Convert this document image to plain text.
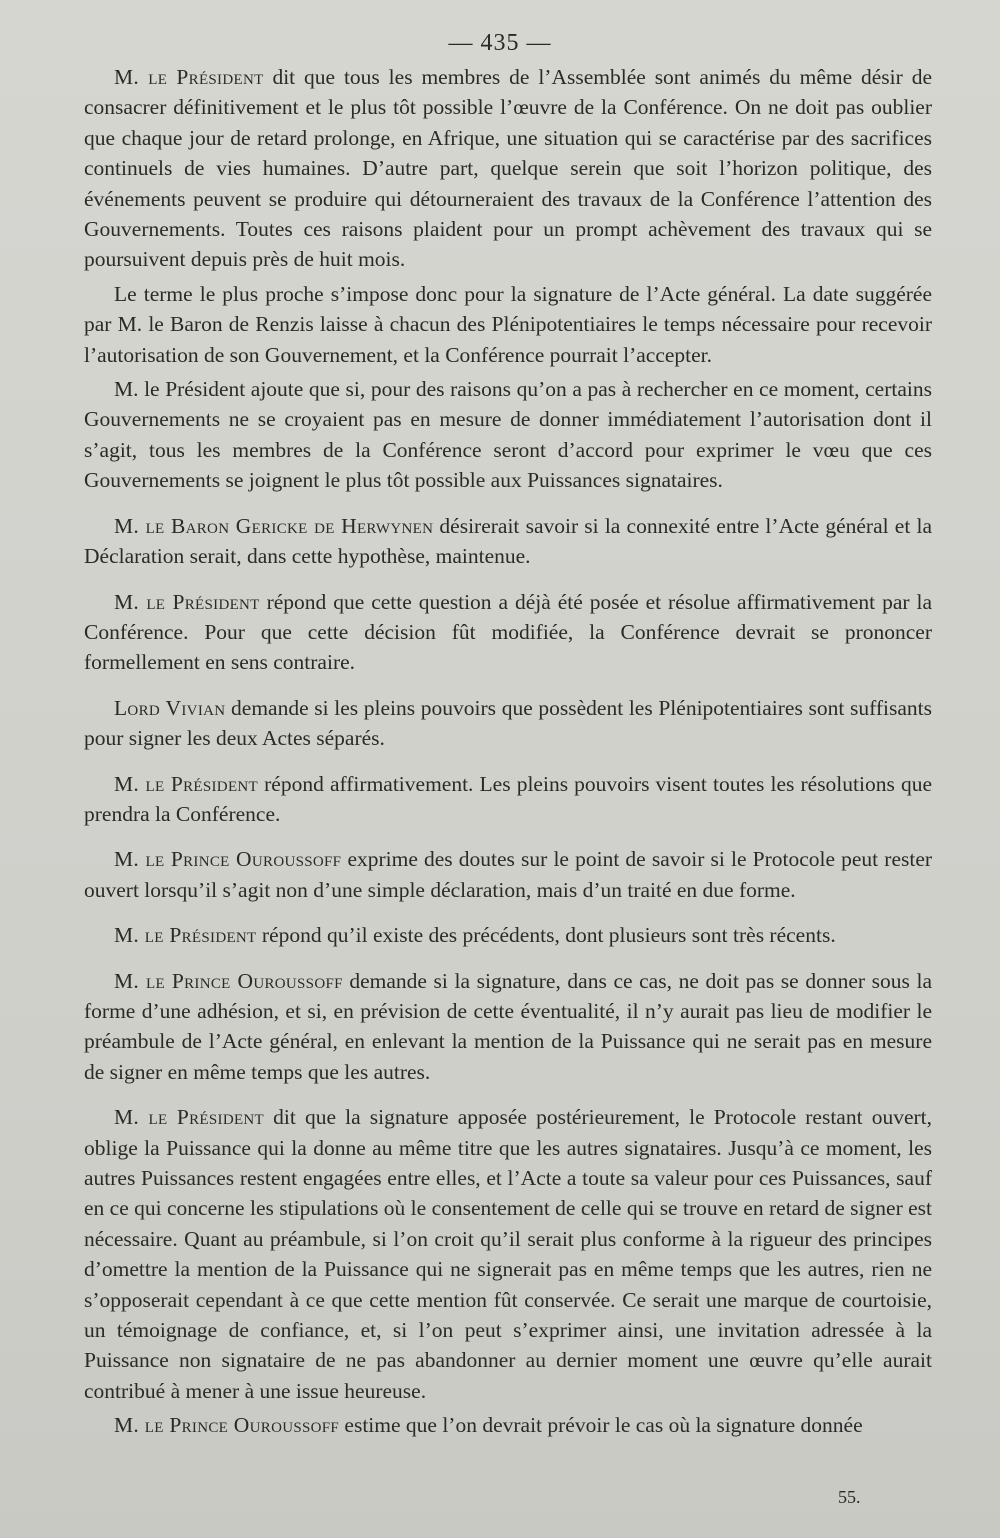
— 435 —

M. le Président dit que tous les membres de l’Assemblée sont animés du même désir de consacrer définitivement et le plus tôt possible l’œuvre de la Conférence. On ne doit pas oublier que chaque jour de retard prolonge, en Afrique, une situation qui se caractérise par des sacrifices continuels de vies humaines. D’autre part, quelque serein que soit l’horizon politique, des événements peuvent se produire qui détourneraient des travaux de la Conférence l’attention des Gouvernements. Toutes ces raisons plaident pour un prompt achèvement des travaux qui se poursuivent depuis près de huit mois.

Le terme le plus proche s’impose donc pour la signature de l’Acte général. La date suggérée par M. le Baron de Renzis laisse à chacun des Plénipotentiaires le temps nécessaire pour recevoir l’autorisation de son Gouvernement, et la Conférence pourrait l’accepter.

M. le Président ajoute que si, pour des raisons qu’on a pas à rechercher en ce moment, certains Gouvernements ne se croyaient pas en mesure de donner immédiatement l’autorisation dont il s’agit, tous les membres de la Conférence seront d’accord pour exprimer le vœu que ces Gouvernements se joignent le plus tôt possible aux Puissances signataires.

M. le Baron Gericke de Herwynen désirerait savoir si la connexité entre l’Acte général et la Déclaration serait, dans cette hypothèse, maintenue.

M. le Président répond que cette question a déjà été posée et résolue affirmativement par la Conférence. Pour que cette décision fût modifiée, la Conférence devrait se prononcer formellement en sens contraire.

Lord Vivian demande si les pleins pouvoirs que possèdent les Plénipotentiaires sont suffisants pour signer les deux Actes séparés.

M. le Président répond affirmativement. Les pleins pouvoirs visent toutes les résolutions que prendra la Conférence.

M. le Prince Ouroussoff exprime des doutes sur le point de savoir si le Protocole peut rester ouvert lorsqu’il s’agit non d’une simple déclaration, mais d’un traité en due forme.

M. le Président répond qu’il existe des précédents, dont plusieurs sont très récents.

M. le Prince Ouroussoff demande si la signature, dans ce cas, ne doit pas se donner sous la forme d’une adhésion, et si, en prévision de cette éventualité, il n’y aurait pas lieu de modifier le préambule de l’Acte général, en enlevant la mention de la Puissance qui ne serait pas en mesure de signer en même temps que les autres.

M. le Président dit que la signature apposée postérieurement, le Protocole restant ouvert, oblige la Puissance qui la donne au même titre que les autres signataires. Jusqu’à ce moment, les autres Puissances restent engagées entre elles, et l’Acte a toute sa valeur pour ces Puissances, sauf en ce qui concerne les stipulations où le consentement de celle qui se trouve en retard de signer est nécessaire. Quant au préambule, si l’on croit qu’il serait plus conforme à la rigueur des principes d’omettre la mention de la Puissance qui ne signerait pas en même temps que les autres, rien ne s’opposerait cependant à ce que cette mention fût conservée. Ce serait une marque de courtoisie, un témoignage de confiance, et, si l’on peut s’exprimer ainsi, une invitation adressée à la Puissance non signataire de ne pas abandonner au dernier moment une œuvre qu’elle aurait contribué à mener à une issue heureuse.

M. le Prince Ouroussoff estime que l’on devrait prévoir le cas où la signature donnée

55.
